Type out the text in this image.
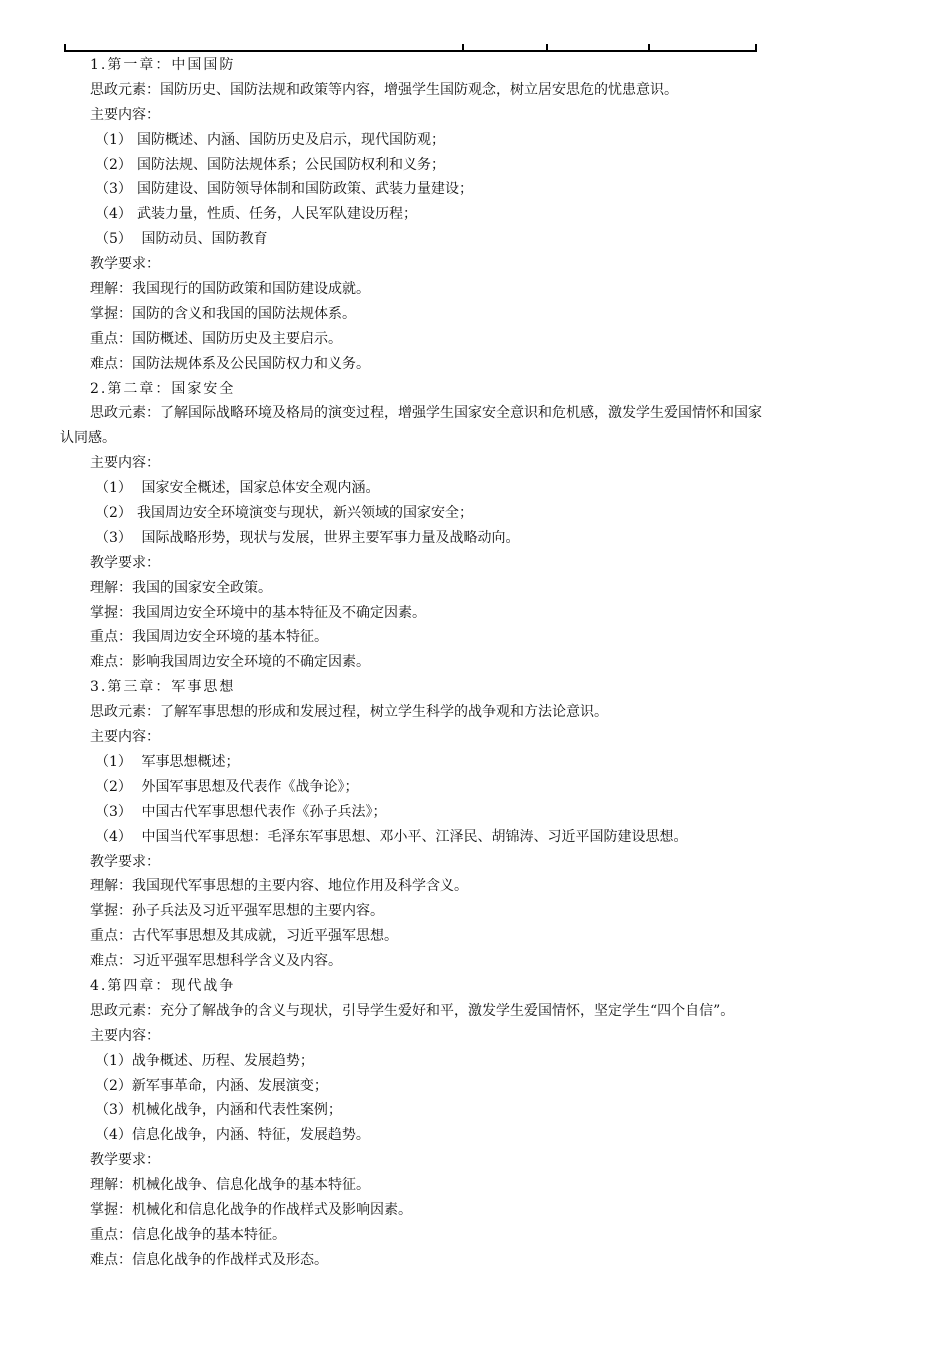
1.第一章：中国国防
思政元素：国防历史、国防法规和政策等内容，增强学生国防观念，树立居安思危的忧患意识。
主要内容：
（1） 国防概述、内涵、国防历史及启示，现代国防观；
（2） 国防法规、国防法规体系；公民国防权利和义务；
（3） 国防建设、国防领导体制和国防政策、武装力量建设；
（4） 武装力量，性质、任务，人民军队建设历程；
（5） 国防动员、国防教育
教学要求：
理解：我国现行的国防政策和国防建设成就。
掌握：国防的含义和我国的国防法规体系。
重点：国防概述、国防历史及主要启示。
难点：国防法规体系及公民国防权力和义务。
2.第二章：国家安全
思政元素：了解国际战略环境及格局的演变过程，增强学生国家安全意识和危机感，激发学生爱国情怀和国家
认同感。
主要内容：
（1） 国家安全概述，国家总体安全观内涵。
（2） 我国周边安全环境演变与现状，新兴领域的国家安全；
（3） 国际战略形势，现状与发展，世界主要军事力量及战略动向。
教学要求：
理解：我国的国家安全政策。
掌握：我国周边安全环境中的基本特征及不确定因素。
重点：我国周边安全环境的基本特征。
难点：影响我国周边安全环境的不确定因素。
3.第三章：军事思想
思政元素：了解军事思想的形成和发展过程，树立学生科学的战争观和方法论意识。
主要内容：
（1） 军事思想概述；
（2） 外国军事思想及代表作《战争论》；
（3） 中国古代军事思想代表作《孙子兵法》；
（4） 中国当代军事思想：毛泽东军事思想、邓小平、江泽民、胡锦涛、习近平国防建设思想。
教学要求：
理解：我国现代军事思想的主要内容、地位作用及科学含义。
掌握：孙子兵法及习近平强军思想的主要内容。
重点：古代军事思想及其成就，习近平强军思想。
难点：习近平强军思想科学含义及内容。
4.第四章：现代战争
思政元素：充分了解战争的含义与现状，引导学生爱好和平，激发学生爱国情怀，坚定学生“四个自信”。
主要内容：
（1）战争概述、历程、发展趋势；
（2）新军事革命，内涵、发展演变；
（3）机械化战争，内涵和代表性案例；
（4）信息化战争，内涵、特征，发展趋势。
教学要求：
理解：机械化战争、信息化战争的基本特征。
掌握：机械化和信息化战争的作战样式及影响因素。
重点：信息化战争的基本特征。
难点：信息化战争的作战样式及形态。
